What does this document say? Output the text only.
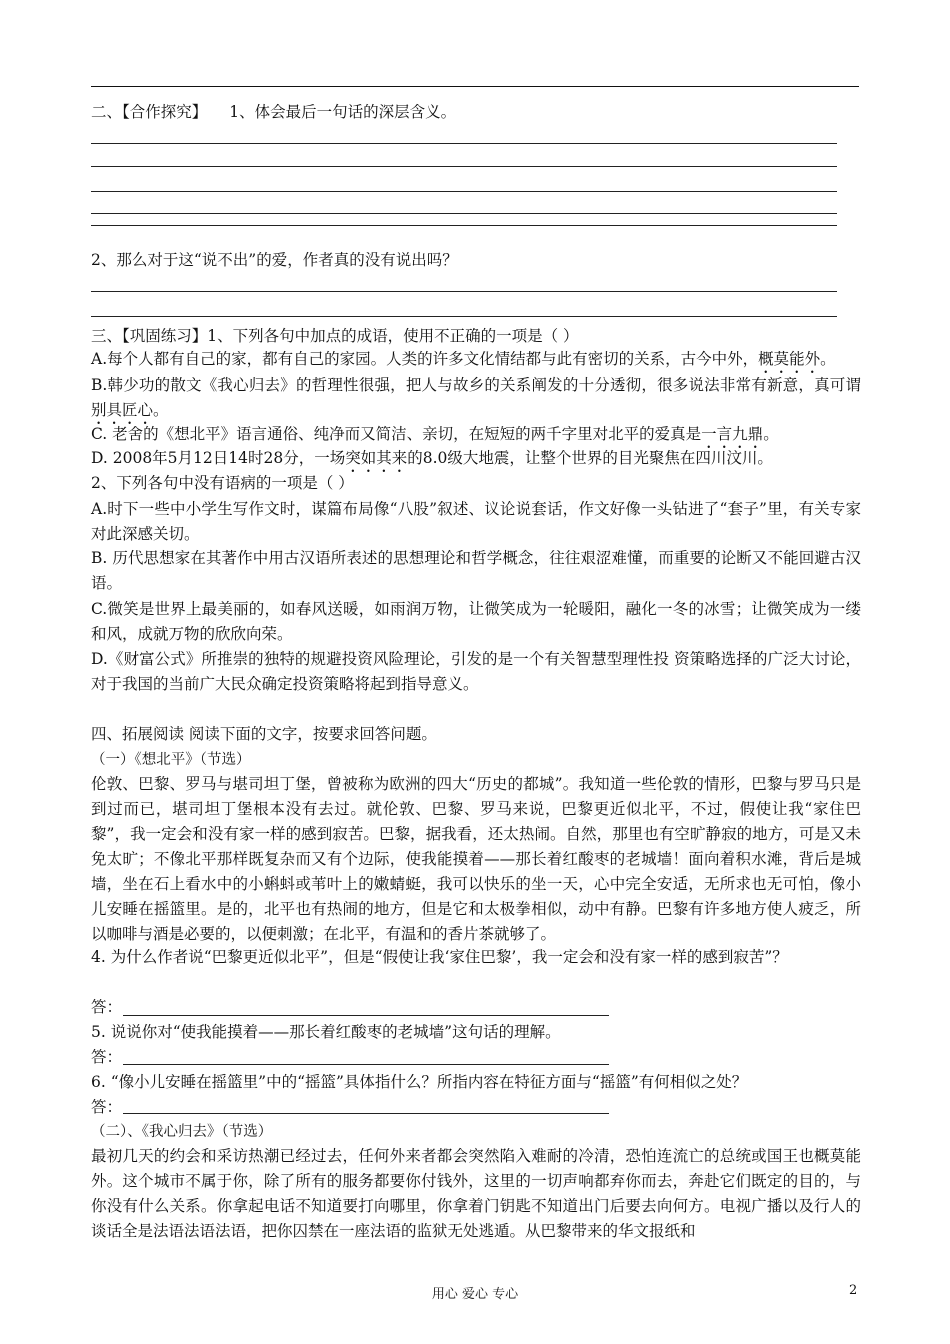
二、【合作探究】 1、体会最后一句话的深层含义。
2、那么对于这“说不出”的爱，作者真的没有说出吗？
三、【巩固练习】1、下列各句中加点的成语，使用不正确的一项是（ ）
A.每个人都有自己的家，都有自己的家园。人类的许多文化情结都与此有密切的关系，古今中外，概莫能外。
B.韩少功的散文《我心归去》的哲理性很强，把人与故乡的关系阐发的十分透彻，很多说法非常有新意，真可谓别具匠心。
C. 老舍的《想北平》语言通俗、纯净而又简洁、亲切，在短短的两千字里对北平的爱真是一言九鼎。
D. 2008年5月12日14时28分，一场突如其来的8.0级大地震，让整个世界的目光聚焦在四川汶川。
2、下列各句中没有语病的一项是（ ）
A.时下一些中小学生写作文时，谋篇布局像“八股”叙述、议论说套话，作文好像一头钻进了“套子”里，有关专家对此深感关切。
B. 历代思想家在其著作中用古汉语所表述的思想理论和哲学概念，往往艰涩难懂，而重要的论断又不能回避古汉语。
C.微笑是世界上最美丽的，如春风送暖，如雨润万物，让微笑成为一轮暖阳，融化一冬的冰雪；让微笑成为一缕和风，成就万物的欣欣向荣。
D.《财富公式》所推崇的独特的规避投资风险理论，引发的是一个有关智慧型理性投 资策略选择的广泛大讨论，对于我国的当前广大民众确定投资策略将起到指导意义。
四、拓展阅读 阅读下面的文字，按要求回答问题。
（一）《想北平》（节选）
伦敦、巴黎、罗马与堪司坦丁堡，曾被称为欧洲的四大“历史的都城”。我知道一些伦敦的情形，巴黎与罗马只是到过而已，堪司坦丁堡根本没有去过。就伦敦、巴黎、罗马来说，巴黎更近似北平，不过，假使让我“家住巴黎”，我一定会和没有家一样的感到寂苦。巴黎，据我看，还太热闹。自然，那里也有空旷静寂的地方，可是又未免太旷；不像北平那样既复杂而又有个边际，使我能摸着——那长着红酸枣的老城墙！面向着积水滩，背后是城墙，坐在石上看水中的小蝌蚪或苇叶上的嫩蜻蜓，我可以快乐的坐一天，心中完全安适，无所求也无可怕，像小儿安睡在摇篮里。是的，北平也有热闹的地方，但是它和太极拳相似，动中有静。巴黎有许多地方使人疲乏，所以咖啡与酒是必要的，以便刺激；在北平，有温和的香片茶就够了。
4. 为什么作者说“巴黎更近似北平”，但是“假使让我‘家住巴黎’，我一定会和没有家一样的感到寂苦”？
答：
5. 说说你对“使我能摸着——那长着红酸枣的老城墙”这句话的理解。
答：
6. “像小儿安睡在摇篮里”中的“摇篮”具体指什么？所指内容在特征方面与“摇篮”有何相似之处？
答：
（二）、《我心归去》（节选）
最初几天的约会和采访热潮已经过去，任何外来者都会突然陷入难耐的冷清，恐怕连流亡的总统或国王也概莫能外。这个城市不属于你，除了所有的服务都要你付钱外，这里的一切声响都弃你而去，奔赴它们既定的目的，与你没有什么关系。你拿起电话不知道要打向哪里，你拿着门钥匙不知道出门后要去向何方。电视广播以及行人的谈话全是法语法语法语，把你囚禁在一座法语的监狱无处逃遁。从巴黎带来的华文报纸和
用心 爱心 专心	2
